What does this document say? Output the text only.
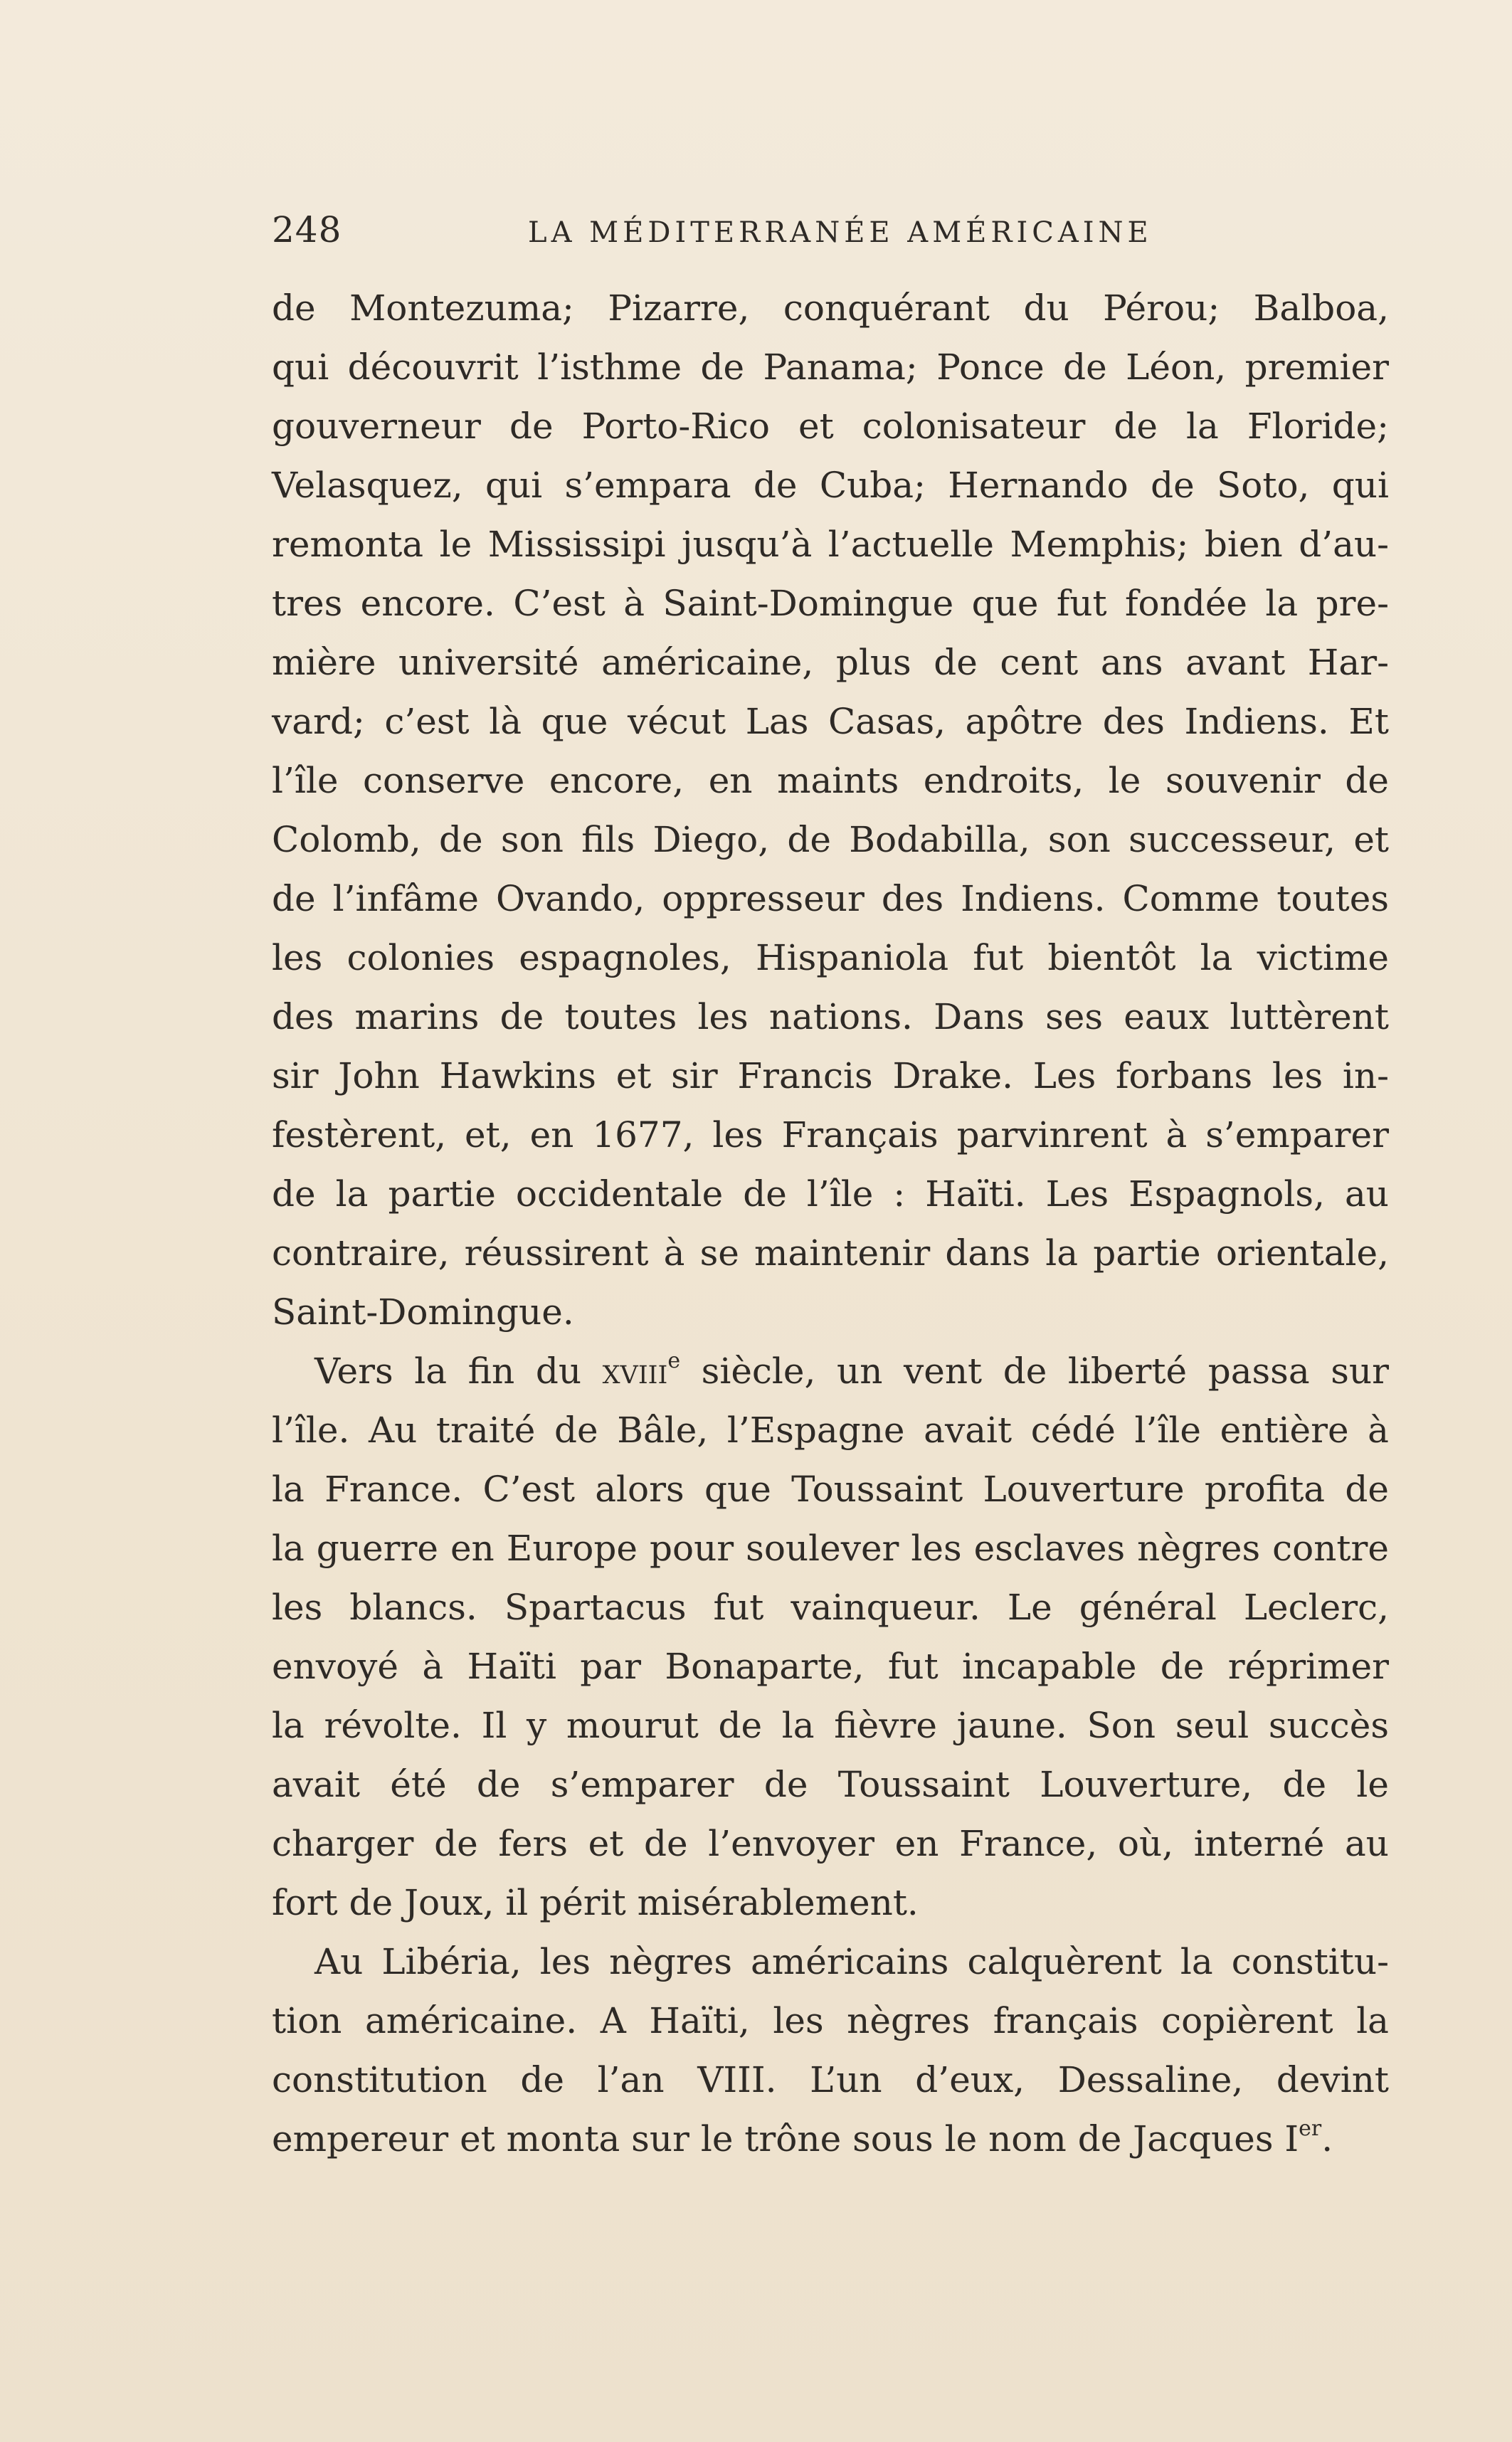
248	LA MÉDITERRANÉE AMÉRICAINE
de Montezuma; Pizarre, conquérant du Pérou; Balboa,
qui découvrit l’isthme de Panama; Ponce de Léon, premier
gouverneur de Porto-Rico et colonisateur de la Floride;
Velasquez, qui s’empara de Cuba; Hernando de Soto, qui
remonta le Mississipi jusqu’à l’actuelle Memphis; bien d’au-
tres encore. C’est à Saint-Domingue que fut fondée la pre-
mière université américaine, plus de cent ans avant Har-
vard; c’est là que vécut Las Casas, apôtre des Indiens. Et
l’île conserve encore, en maints endroits, le souvenir de
Colomb, de son fils Diego, de Bodabilla, son successeur, et
de l’infâme Ovando, oppresseur des Indiens. Comme toutes
les colonies espagnoles, Hispaniola fut bientôt la victime
des marins de toutes les nations. Dans ses eaux luttèrent
sir John Hawkins et sir Francis Drake. Les forbans les in-
festèrent, et, en 1677, les Français parvinrent à s’emparer
de la partie occidentale de l’île : Haïti. Les Espagnols, au
contraire, réussirent à se maintenir dans la partie orientale,
Saint-Domingue.
Vers la fin du xviii$^e$ siècle, un vent de liberté passa sur
l’île. Au traité de Bâle, l’Espagne avait cédé l’île entière à
la France. C’est alors que Toussaint Louverture profita de
la guerre en Europe pour soulever les esclaves nègres contre
les blancs. Spartacus fut vainqueur. Le général Leclerc,
envoyé à Haïti par Bonaparte, fut incapable de réprimer
la révolte. Il y mourut de la fièvre jaune. Son seul succès
avait été de s’emparer de Toussaint Louverture, de le
charger de fers et de l’envoyer en France, où, interné au
fort de Joux, il périt misérablement.
Au Libéria, les nègres américains calquèrent la constitu-
tion américaine. A Haïti, les nègres français copièrent la
constitution de l’an VIII. L’un d’eux, Dessaline, devint
empereur et monta sur le trône sous le nom de Jacques Ier.
